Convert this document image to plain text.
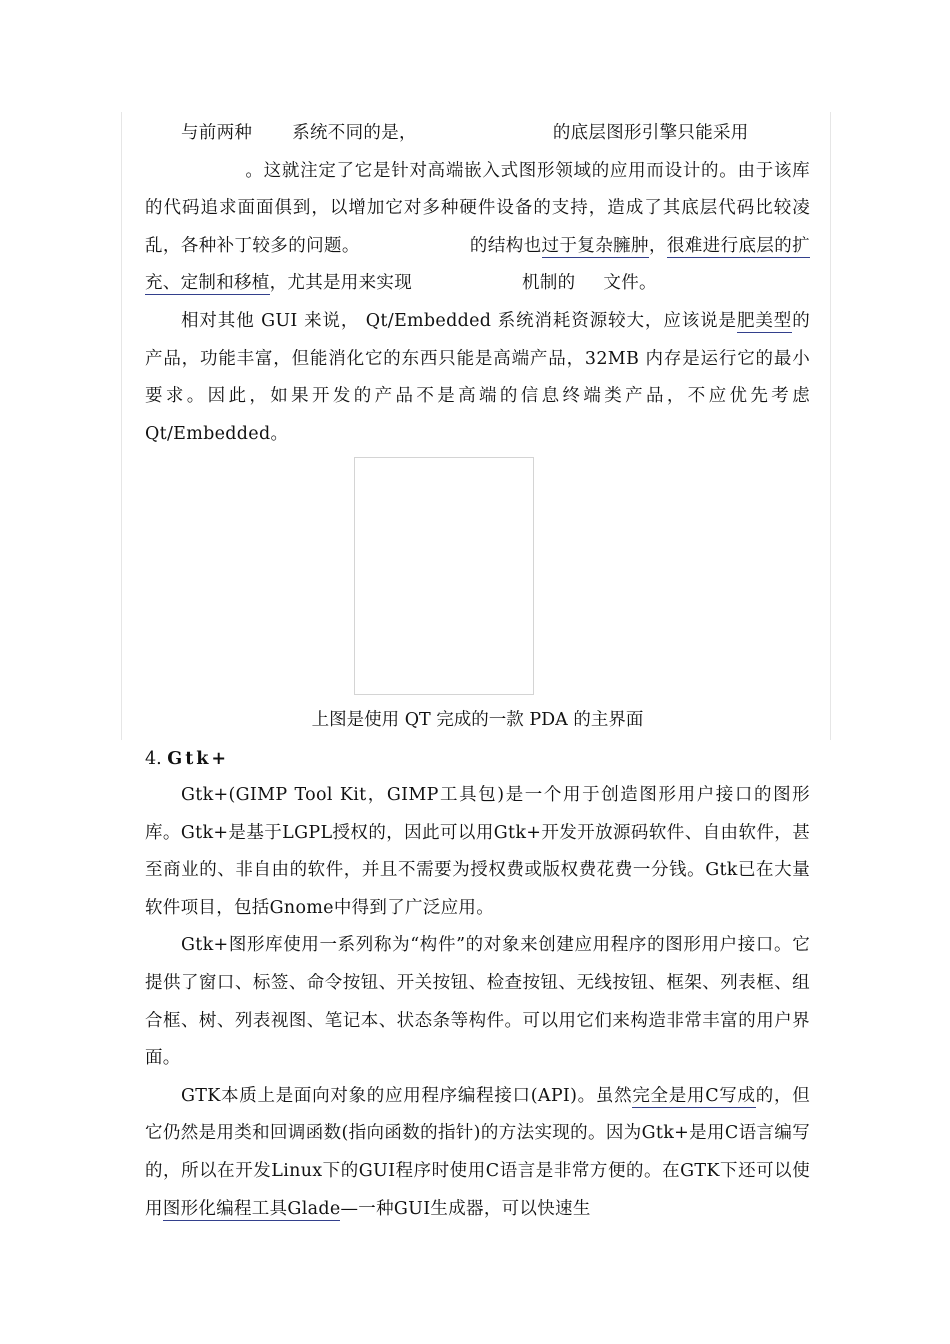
与前两种 系统不同的是，	的底层图形引擎只能采用
。这就注定了它是针对高端嵌入式图形领域的应用而设计的。由于该库的代码追求面面俱到，以增加它对多种硬件设备的支持，造成了其底层代码比较凌乱，各种补丁较多的问题。	的结构也过于复杂臃肿，很难进行底层的扩充、定制和移植，尤其是用来实现	机制的 文件。

相对其他 GUI 来说， Qt/Embedded 系统消耗资源较大，应该说是肥美型的产品，功能丰富，但能消化它的东西只能是高端产品，32MB 内存是运行它的最小要求。因此，如果开发的产品不是高端的信息终端类产品，不应优先考虑 Qt/Embedded。

上图是使用 QT 完成的一款 PDA 的主界面
4. Gtk+

Gtk+(GIMP Tool Kit，GIMP工具包)是一个用于创造图形用户接口的图形库。Gtk+是基于LGPL授权的，因此可以用Gtk+开发开放源码软件、自由软件，甚至商业的、非自由的软件，并且不需要为授权费或版权费花费一分钱。Gtk已在大量软件项目，包括Gnome中得到了广泛应用。

Gtk+图形库使用一系列称为“构件”的对象来创建应用程序的图形用户接口。它提供了窗口、标签、命令按钮、开关按钮、检查按钮、无线按钮、框架、列表框、组合框、树、列表视图、笔记本、状态条等构件。可以用它们来构造非常丰富的用户界面。

GTK本质上是面向对象的应用程序编程接口(API)。虽然完全是用C写成的，但它仍然是用类和回调函数(指向函数的指针)的方法实现的。因为Gtk+是用C语言编写的，所以在开发Linux下的GUI程序时使用C语言是非常方便的。在GTK下还可以使用图形化编程工具Glade—一种GUI生成器，可以快速生
